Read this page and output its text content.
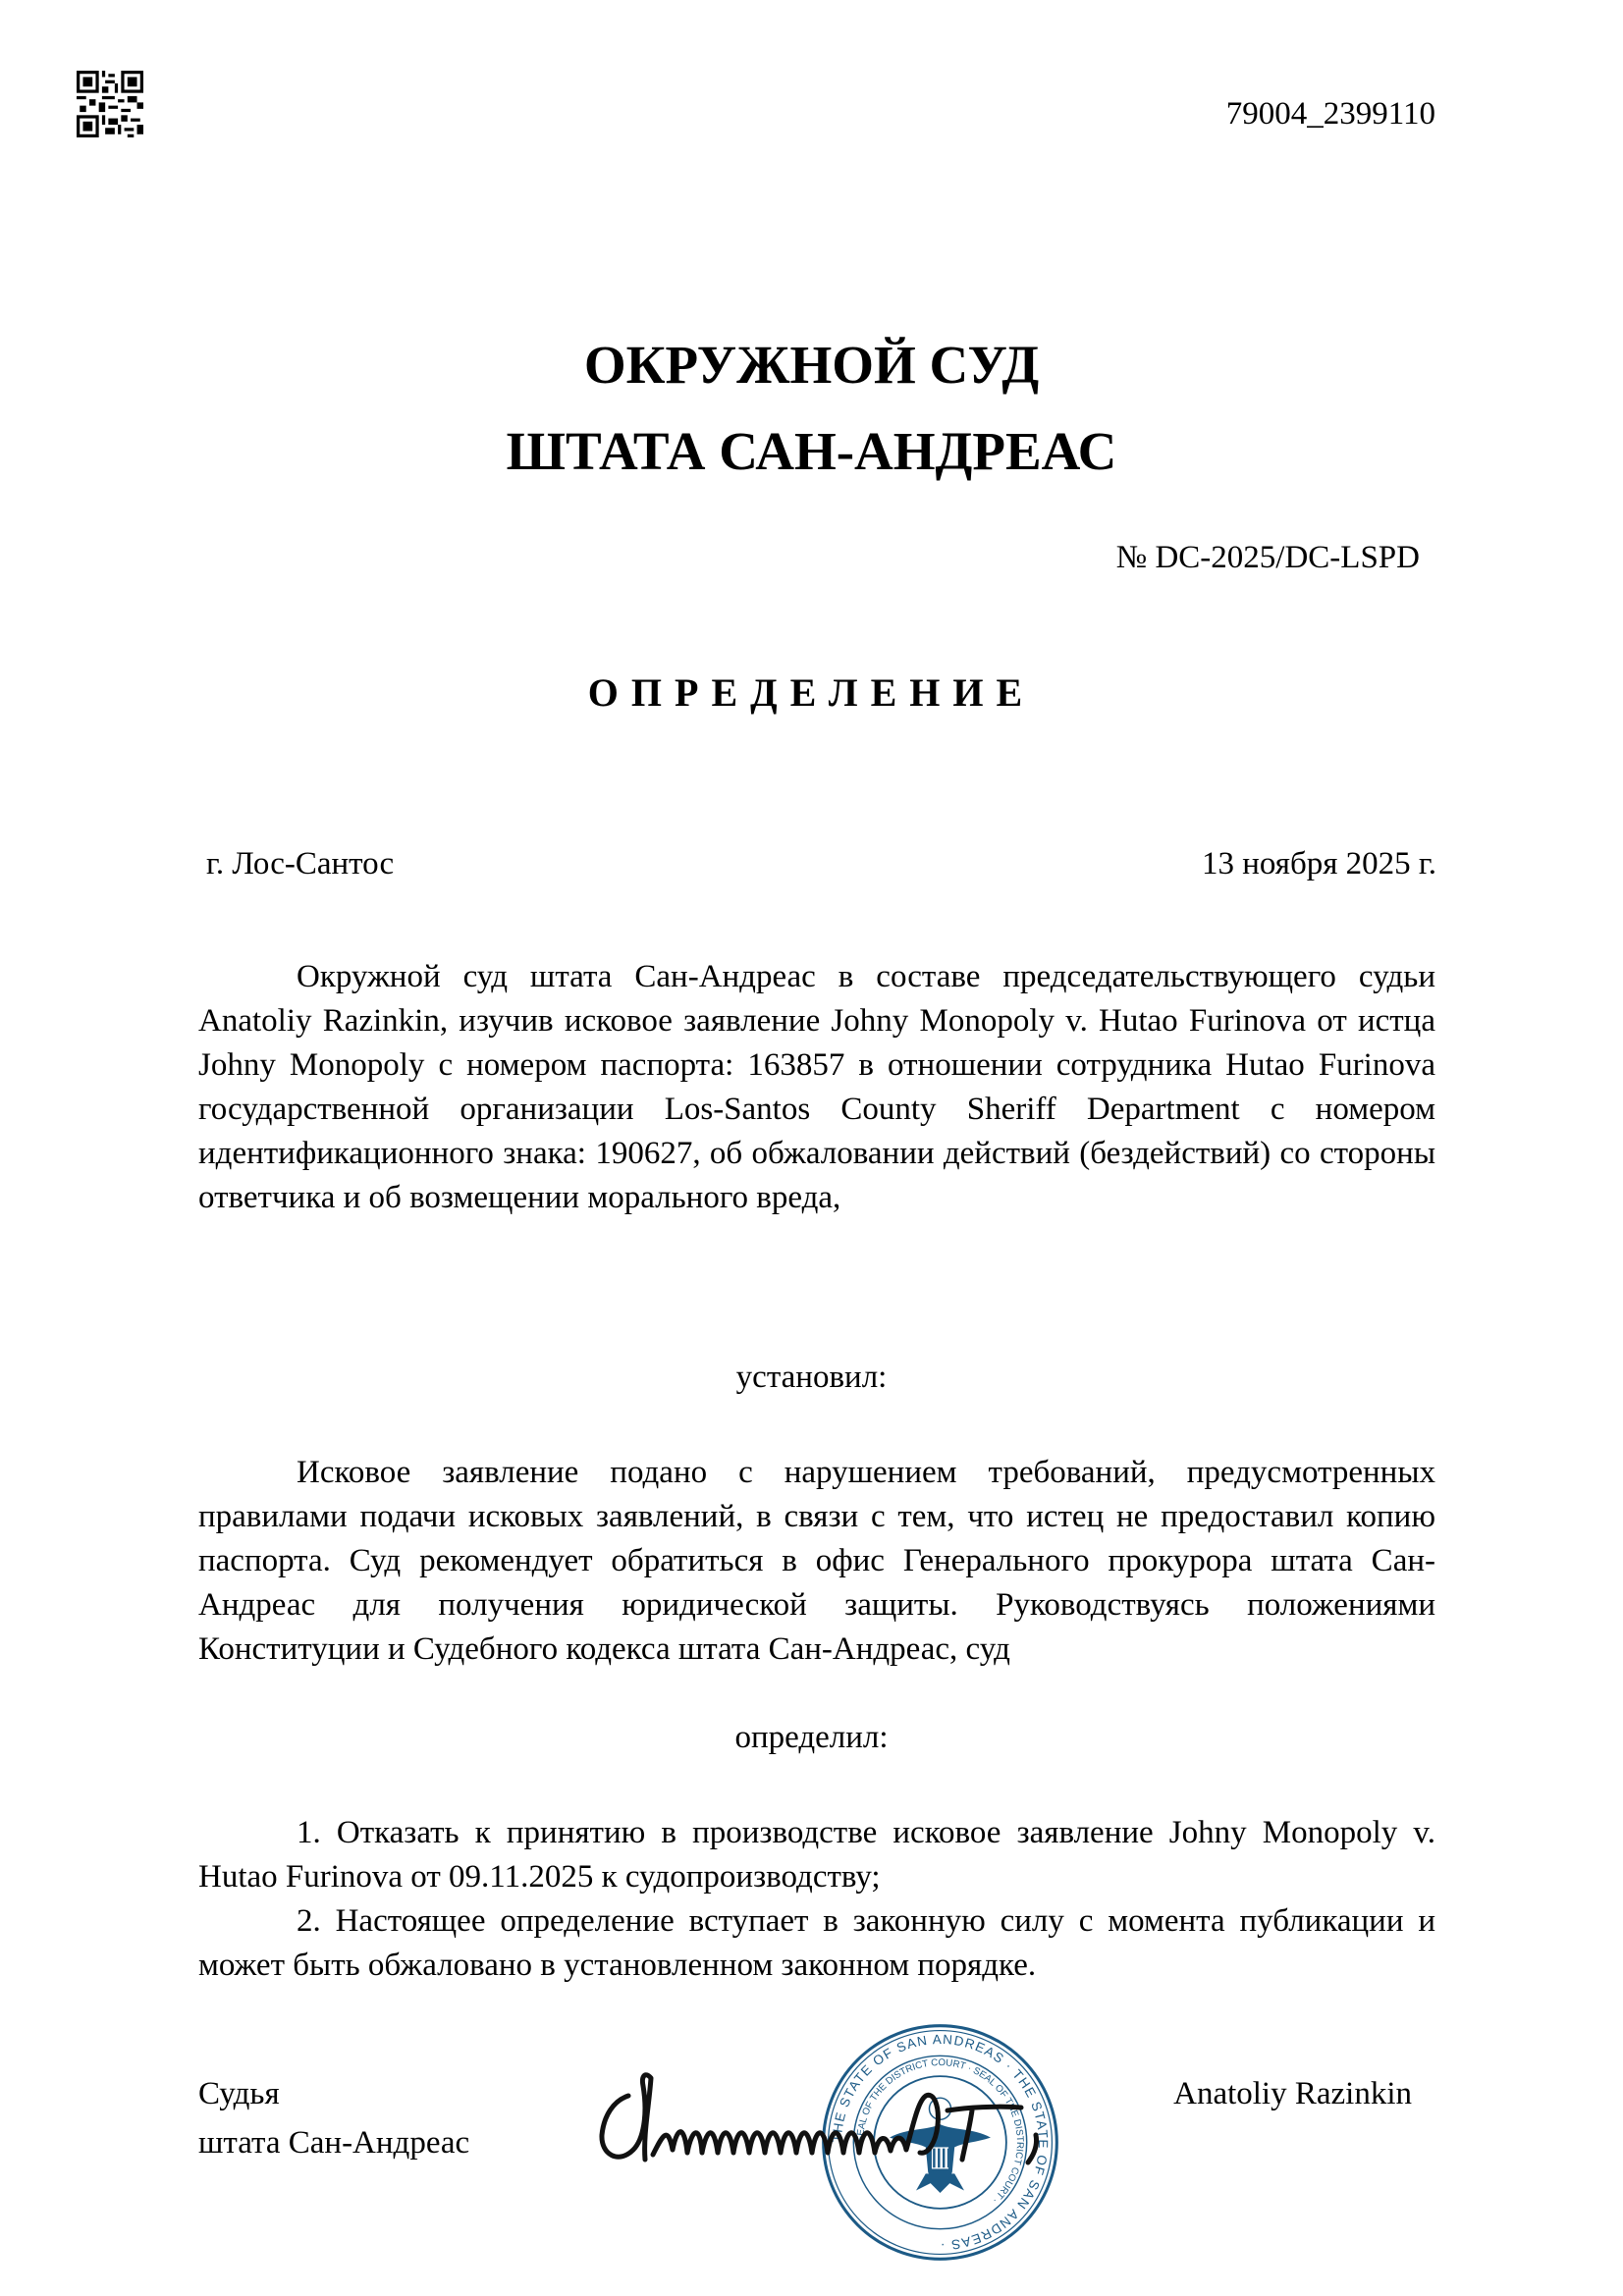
79004_2399110
ОКРУЖНОЙ СУД
ШТАТА САН-АНДРЕАС
№ DC-2025/DC-LSPD
ОПРЕДЕЛЕНИЕ
г. Лос-Сантос	13 ноября 2025 г.
Окружной суд штата Сан-Андреас в составе председательствующего судьи Anatoliy Razinkin, изучив исковое заявление Johny Monopoly v. Hutao Furinova от истца Johny Monopoly с номером паспорта: 163857 в отношении сотрудника Hutao Furinova государственной организации Los-Santos County Sheriff Department с номером идентификационного знака: 190627, об обжаловании действий (бездействий) со стороны ответчика и об возмещении морального вреда,
установил:
Исковое заявление подано с нарушением требований, предусмотренных правилами подачи исковых заявлений, в связи с тем, что истец не предоставил копию паспорта. Суд рекомендует обратиться в офис Генерального прокурора штата Сан-Андреас для получения юридической защиты. Руководствуясь положениями Конституции и Судебного кодекса штата Сан-Андреас, суд
определил:
1. Отказать к принятию в производстве исковое заявление Johny Monopoly v. Hutao Furinova от 09.11.2025 к судопроизводству;
2. Настоящее определение вступает в законную силу с момента публикации и может быть обжаловано в установленном законном порядке.
THE STATE OF SAN ANDREAS · THE STATE OF SAN ANDREAS ·
SEAL OF THE DISTRICT COURT · SEAL OF THE DISTRICT COURT ·
Судья
штата Сан-Андреас
Anatoliy Razinkin
